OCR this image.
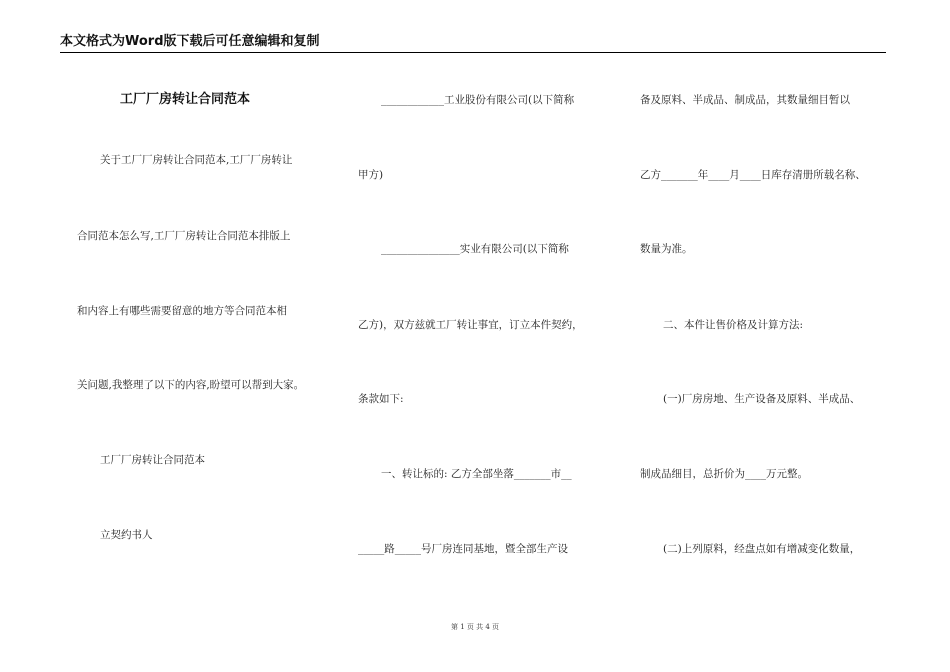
本文格式为Word版下载后可任意编辑和复制
工厂厂房转让合同范本
关于工厂厂房转让合同范本,工厂厂房转让
合同范本怎么写,工厂厂房转让合同范本排版上
和内容上有哪些需要留意的地方等合同范本相
关问题,我整理了以下的内容,盼望可以帮到大家。
工厂厂房转让合同范本
立契约书人
____________工业股份有限公司(以下简称
甲方)
_______________实业有限公司(以下简称
乙方)，双方兹就工厂转让事宜，订立本件契约，
条款如下:
一、转让标的: 乙方全部坐落_______市__
_____路_____号厂房连同基地，暨全部生产设
备及原料、半成品、制成品，其数量细目暂以
乙方_______年____月____日库存清册所载名称、
数量为准。
二、本件让售价格及计算方法:
(一)厂房房地、生产设备及原料、半成品、
制成品细目，总折价为____万元整。
(二)上列原料，经盘点如有增减变化数量，
第 1 页 共 4 页
